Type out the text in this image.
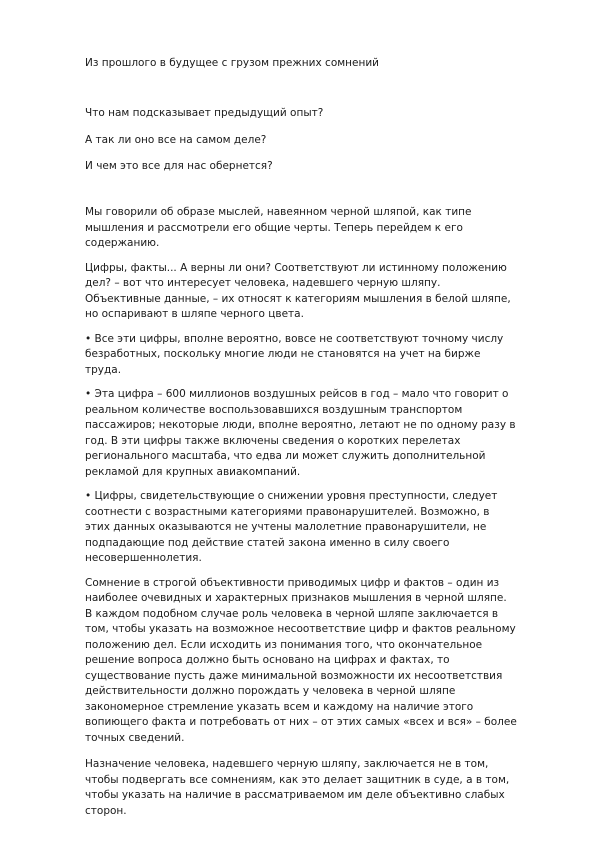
Из прошлого в будущее с грузом прежних сомнений

Что нам подсказывает предыдущий опыт?

А так ли оно все на самом деле?

И чем это все для нас обернется?

Мы говорили об образе мыслей, навеянном черной шляпой, как типе мышления и рассмотрели его общие черты. Теперь перейдем к его содержанию.

Цифры, факты... А верны ли они? Соответствуют ли истинному положению дел? – вот что интересует человека, надевшего черную шляпу. Объективные данные, – их относят к категориям мышления в белой шляпе, но оспаривают в шляпе черного цвета.

• Все эти цифры, вполне вероятно, вовсе не соответствуют точному числу безработных, поскольку многие люди не становятся на учет на бирже труда.

• Эта цифра – 600 миллионов воздушных рейсов в год – мало что говорит о реальном количестве воспользовавшихся воздушным транспортом пассажиров; некоторые люди, вполне вероятно, летают не по одному разу в год. В эти цифры также включены сведения о коротких перелетах регионального масштаба, что едва ли может служить дополнительной рекламой для крупных авиакомпаний.

• Цифры, свидетельствующие о снижении уровня преступности, следует соотнести с возрастными категориями правонарушителей. Возможно, в этих данных оказываются не учтены малолетние правонарушители, не подпадающие под действие статей закона именно в силу своего несовершеннолетия.

Сомнение в строгой объективности приводимых цифр и фактов – один из наиболее очевидных и характерных признаков мышления в черной шляпе. В каждом подобном случае роль человека в черной шляпе заключается в том, чтобы указать на возможное несоответствие цифр и фактов реальному положению дел. Если исходить из понимания того, что окончательное решение вопроса должно быть основано на цифрах и фактах, то существование пусть даже минимальной возможности их несоответствия действительности должно порождать у человека в черной шляпе закономерное стремление указать всем и каждому на наличие этого вопиющего факта и потребовать от них – от этих самых «всех и вся» – более точных сведений.

Назначение человека, надевшего черную шляпу, заключается не в том, чтобы подвергать все сомнениям, как это делает защитник в суде, а в том, чтобы указать на наличие в рассматриваемом им деле объективно слабых сторон.
